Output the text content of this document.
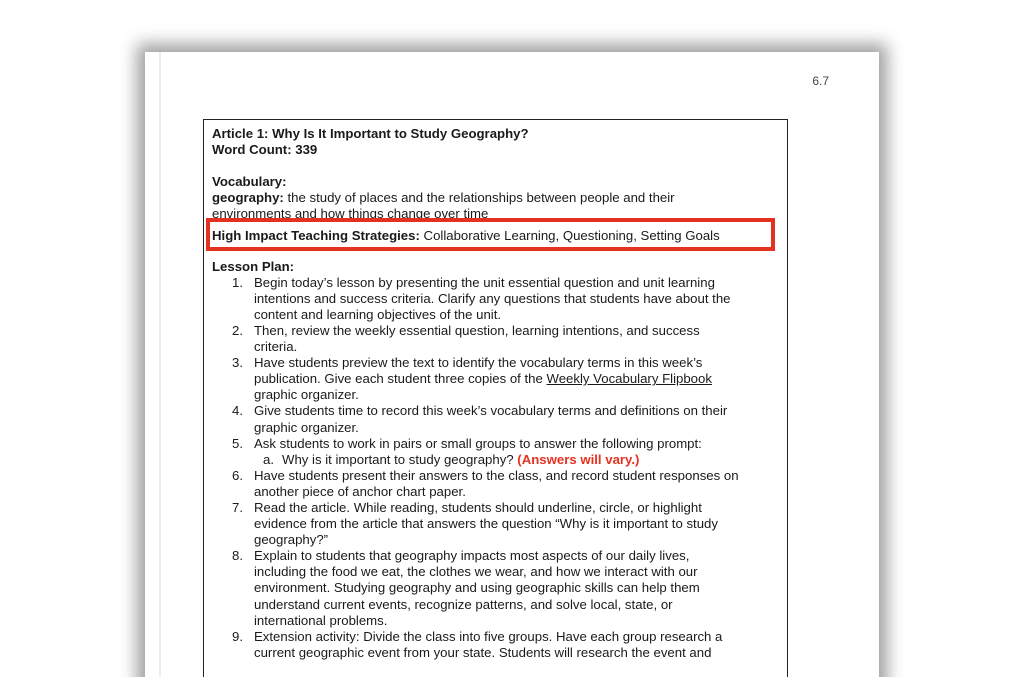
6.7
Article 1: Why Is It Important to Study Geography?
Word Count: 339
Vocabulary:
geography: the study of places and the relationships between people and their
environments and how things change over time
High Impact Teaching Strategies: Collaborative Learning, Questioning, Setting Goals
Lesson Plan:
1. Begin today’s lesson by presenting the unit essential question and unit learning
intentions and success criteria. Clarify any questions that students have about the
content and learning objectives of the unit.
2. Then, review the weekly essential question, learning intentions, and success
criteria.
3. Have students preview the text to identify the vocabulary terms in this week’s
publication. Give each student three copies of the Weekly Vocabulary Flipbook
graphic organizer.
4. Give students time to record this week’s vocabulary terms and definitions on their
graphic organizer.
5. Ask students to work in pairs or small groups to answer the following prompt:
a. Why is it important to study geography? (Answers will vary.)
6. Have students present their answers to the class, and record student responses on
another piece of anchor chart paper.
7. Read the article. While reading, students should underline, circle, or highlight
evidence from the article that answers the question “Why is it important to study
geography?”
8. Explain to students that geography impacts most aspects of our daily lives,
including the food we eat, the clothes we wear, and how we interact with our
environment. Studying geography and using geographic skills can help them
understand current events, recognize patterns, and solve local, state, or
international problems.
9. Extension activity: Divide the class into five groups. Have each group research a
current geographic event from your state. Students will research the event and
